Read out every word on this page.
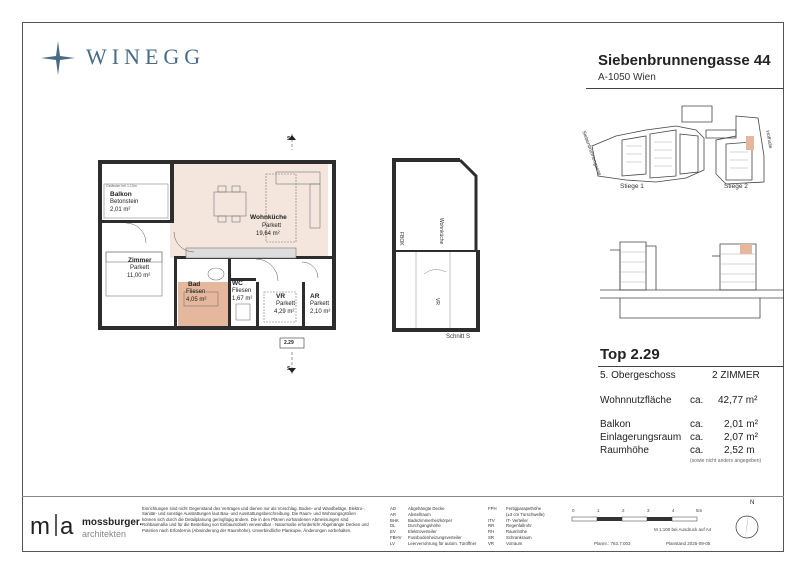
WINEGG	Siebenbrunnengasse 44
A-1050 Wien
Stiege 1	Stiege 2
Siebenbrunnengasse	Hofhalle
Top 2.29
5. Obergeschoss	2 ZIMMER
Wohnnutzfläche ca. 42,77 m²
Balkon	ca. 2,01 m²
Einlagerungsraum ca. 2,07 m²
Raumhöhe	ca. 2,52 m
(sowie nicht anders angegeben)
Geländer bei 1,10m
Balkon
Betonstein
2,01 m²
Wohnküche
Parkett
19,64 m²
Zimmer
Parkett
11,00 m²
Bad
Fliesen
4,05 m²
WC
Fliesen
1,67 m²	VR
Parkett
4,29 m²
AR
Parkett
2,10 m²
2.29
S
S
FBOK	Wohnküche
VR
Schnitt S
m a mossburger.
architekten
Einrichtungen sind nicht Gegenstand des Vertrages und dienen nur als Vorschlag. Boden- und Wandbeläge, Elektro-, Sanitär- und sonstige Ausstattungen laut Bau- und Ausstattungsbeschreibung. Die Raum- und Wohnungsgrößen können sich durch die Detailplanung geringfügig ändern. Die in den Plänen vorhandenen Abmessungen sind Rohbaumaße und für die Bestellung von Einbaumöbeln verwendbar - Naturmaße erforderlich! Abgehängte Decken und Poterien nach Erfordernis (Abminderung der Raumhöhe). Unverbindliche Plankopie, Änderungen vorbehalten.
AD	Abgehängte Decke
AR	Abstellraum
BHK Badezimmerheizkörper
DL	Durchgangshöhe
EV	Elektroverteiler
FBHV Fussbodenheizungsverteiler
LV	Leerverrohrung für autom. Türöffner
FPH Fertigparapethöhe
(±3 cm Türschwelle)
ITV	IT- Verteiler
RR	Regenfallrohr
RH	Raumhöhe
SR	Schrankraum
VR	Vorraum
0	1	2	3	4	5m
M 1:100 bei Ausdruck auf A4
Plannr.: 763.7.003	Planstand 2025-09-05
N
